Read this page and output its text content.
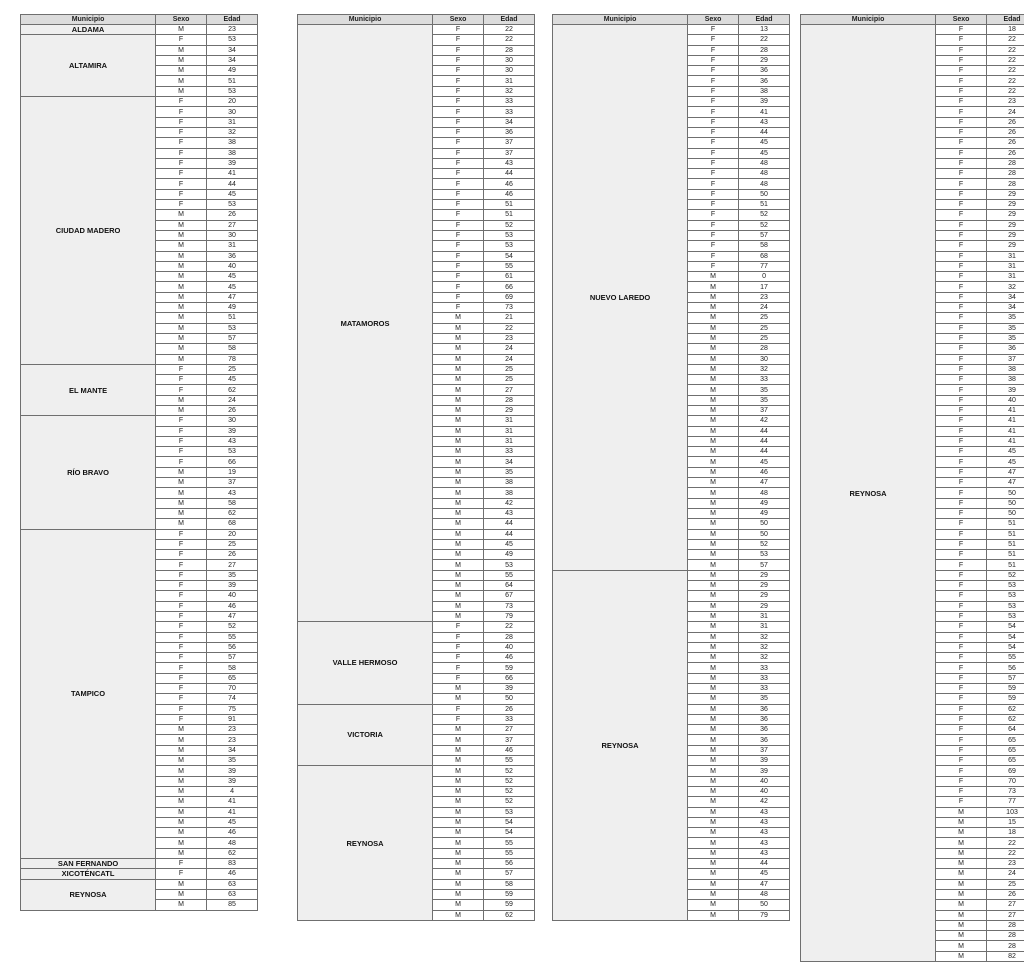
Municipio	Sexo	Edad
ALDAMA	M	23
ALTAMIRA	F	53
	M	34
	M	34
	M	49
	M	51
	M	53
CIUDAD MADERO	F	20
	F	30
	F	31
	F	32
	F	38
	F	38
	F	39
	F	41
	F	44
	F	45
	F	53
	M	26
	M	27
	M	30
	M	31
	M	36
	M	40
	M	45
	M	45
	M	47
	M	49
	M	51
	M	53
	M	57
	M	58
	M	78
EL MANTE	F	25
	F	45
	F	62
	M	24
	M	26
RÍO BRAVO	F	30
	F	39
	F	43
	F	53
	F	66
	M	19
	M	37
	M	43
	M	58
	M	62
	M	68
TAMPICO	F	20
	F	25
	F	26
	F	27
	F	35
	F	39
	F	40
	F	46
	F	47
	F	52
	F	55
	F	56
	F	57
	F	58
	F	65
	F	70
	F	74
	F	75
	F	91
	M	23
	M	23
	M	34
	M	35
	M	39
	M	39
	M	4
	M	41
	M	41
	M	45
	M	46
	M	48
	M	62
SAN FERNANDO	F	83
XICOTÉNCATL	F	46
REYNOSA	M	63
	M	63
	M	85
Municipio	Sexo	Edad
MATAMOROS	F	22
	F	22
	F	28
	F	30
	F	30
	F	31
	F	32
	F	33
	F	33
	F	34
	F	36
	F	37
	F	37
	F	43
	F	44
	F	46
	F	46
	F	51
	F	51
	F	52
	F	53
	F	53
	F	54
	F	55
	F	61
	F	66
	F	69
	F	73
	M	21
	M	22
	M	23
	M	24
	M	24
	M	25
	M	25
	M	27
	M	28
	M	29
	M	31
	M	31
	M	31
	M	33
	M	34
	M	35
	M	38
	M	38
	M	42
	M	43
	M	44
	M	44
	M	45
	M	49
	M	53
	M	55
	M	64
	M	67
	M	73
	M	79
VALLE HERMOSO	F	22
	F	28
	F	40
	F	46
	F	59
	F	66
	M	39
	M	50
VICTORIA	F	26
	F	33
	M	27
	M	37
	M	46
	M	55
REYNOSA	M	52
	M	52
	M	52
	M	52
	M	53
	M	54
	M	54
	M	55
	M	55
	M	56
	M	57
	M	58
	M	59
	M	59
	M	62
Municipio	Sexo	Edad
NUEVO LAREDO	F	13
	F	22
	F	28
	F	29
	F	36
	F	36
	F	38
	F	39
	F	41
	F	43
	F	44
	F	45
	F	45
	F	48
	F	48
	F	48
	F	50
	F	51
	F	52
	F	52
	F	57
	F	58
	F	68
	F	77
	M	0
	M	17
	M	23
	M	24
	M	25
	M	25
	M	25
	M	28
	M	30
	M	32
	M	33
	M	35
	M	35
	M	37
	M	42
	M	44
	M	44
	M	44
	M	45
	M	46
	M	47
	M	48
	M	49
	M	49
	M	50
	M	50
	M	52
	M	53
	M	57
REYNOSA	M	29
	M	29
	M	29
	M	29
	M	31
	M	31
	M	32
	M	32
	M	32
	M	33
	M	33
	M	33
	M	35
	M	36
	M	36
	M	36
	M	36
	M	37
	M	39
	M	39
	M	40
	M	40
	M	42
	M	43
	M	43
	M	43
	M	43
	M	43
	M	44
	M	45
	M	47
	M	48
	M	50
	M	79
Municipio	Sexo	Edad
REYNOSA	F	18
	F	22
	F	22
	F	22
	F	22
	F	22
	F	22
	F	23
	F	24
	F	26
	F	26
	F	26
	F	26
	F	28
	F	28
	F	28
	F	29
	F	29
	F	29
	F	29
	F	29
	F	29
	F	31
	F	31
	F	31
	F	32
	F	34
	F	34
	F	35
	F	35
	F	35
	F	36
	F	37
	F	38
	F	38
	F	39
	F	40
	F	41
	F	41
	F	41
	F	41
	F	45
	F	45
	F	47
	F	47
	F	50
	F	50
	F	50
	F	51
	F	51
	F	51
	F	51
	F	51
	F	52
	F	53
	F	53
	F	53
	F	53
	F	54
	F	54
	F	54
	F	55
	F	56
	F	57
	F	59
	F	59
	F	62
	F	62
	F	64
	F	65
	F	65
	F	65
	F	69
	F	70
	F	73
	F	77
	M	103
	M	15
	M	18
	M	22
	M	22
	M	23
	M	24
	M	25
	M	26
	M	27
	M	27
	M	28
	M	28
	M	28
	M	82
